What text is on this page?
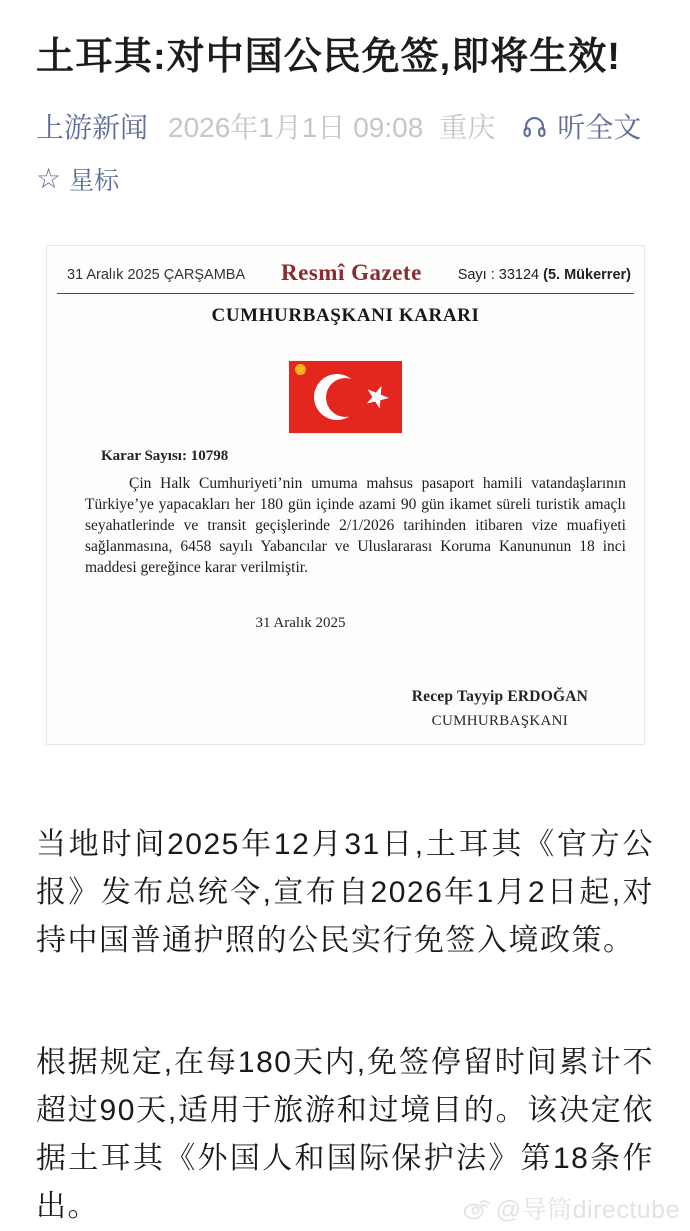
土耳其:对中国公民免签,即将生效!
上游新闻 2026年1月1日 09:08 重庆 听全文
☆ 星标
31 Aralık 2025 ÇARŞAMBA Resmî Gazete Sayı : 33124 (5. Mükerrer)
CUMHURBAŞKANI KARARI
Karar Sayısı: 10798

Çin Halk Cumhuriyeti’nin umuma mahsus pasaport hamili vatandaşlarının Türkiye’ye yapacakları her 180 gün içinde azami 90 gün ikamet süreli turistik amaçlı seyahatlerinde ve transit geçişlerinde 2/1/2026 tarihinden itibaren vize muafiyeti sağlanmasına, 6458 sayılı Yabancılar ve Uluslararası Koruma Kanununun 18 inci maddesi gereğince karar verilmiştir.

31 Aralık 2025
Recep Tayyip ERDOĞAN
CUMHURBAŞKANI

当地时间2025年12月31日,土耳其《官方公报》发布总统令,宣布自2026年1月2日起,对持中国普通护照的公民实行免签入境政策。

根据规定,在每180天内,免签停留时间累计不超过90天,适用于旅游和过境目的。该决定依据土耳其《外国人和国际保护法》第18条作出。	@导筒directube
